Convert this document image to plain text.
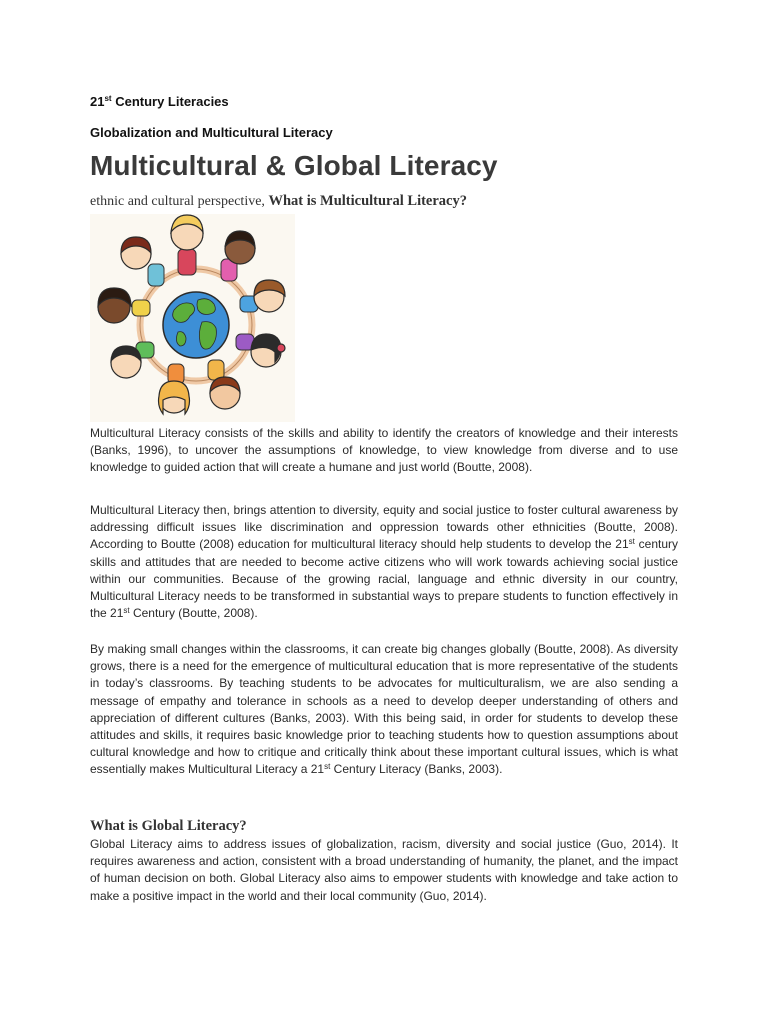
21st Century Literacies

Globalization and Multicultural Literacy

Multicultural & Global Literacy

ethnic and cultural perspective, What is Multicultural Literacy?

Multicultural Literacy consists of the skills and ability to identify the creators of knowledge and their interests (Banks, 1996), to uncover the assumptions of knowledge, to view knowledge from diverse and to use knowledge to guided action that will create a humane and just world (Boutte, 2008).

Multicultural Literacy then, brings attention to diversity, equity and social justice to foster cultural awareness by addressing difficult issues like discrimination and oppression towards other ethnicities (Boutte, 2008). According to Boutte (2008) education for multicultural literacy should help students to develop the 21st century skills and attitudes that are needed to become active citizens who will work towards achieving social justice within our communities. Because of the growing racial, language and ethnic diversity in our country, Multicultural Literacy needs to be transformed in substantial ways to prepare students to function effectively in the 21st Century (Boutte, 2008).

By making small changes within the classrooms, it can create big changes globally (Boutte, 2008). As diversity grows, there is a need for the emergence of multicultural education that is more representative of the students in today’s classrooms. By teaching students to be advocates for multiculturalism, we are also sending a message of empathy and tolerance in schools as a need to develop deeper understanding of others and appreciation of different cultures (Banks, 2003). With this being said, in order for students to develop these attitudes and skills, it requires basic knowledge prior to teaching students how to question assumptions about cultural knowledge and how to critique and critically think about these important cultural issues, which is what essentially makes Multicultural Literacy a 21st Century Literacy (Banks, 2003).

What is Global Literacy?

Global Literacy aims to address issues of globalization, racism, diversity and social justice (Guo, 2014). It requires awareness and action, consistent with a broad understanding of humanity, the planet, and the impact of human decision on both. Global Literacy also aims to empower students with knowledge and take action to make a positive impact in the world and their local community (Guo, 2014).
